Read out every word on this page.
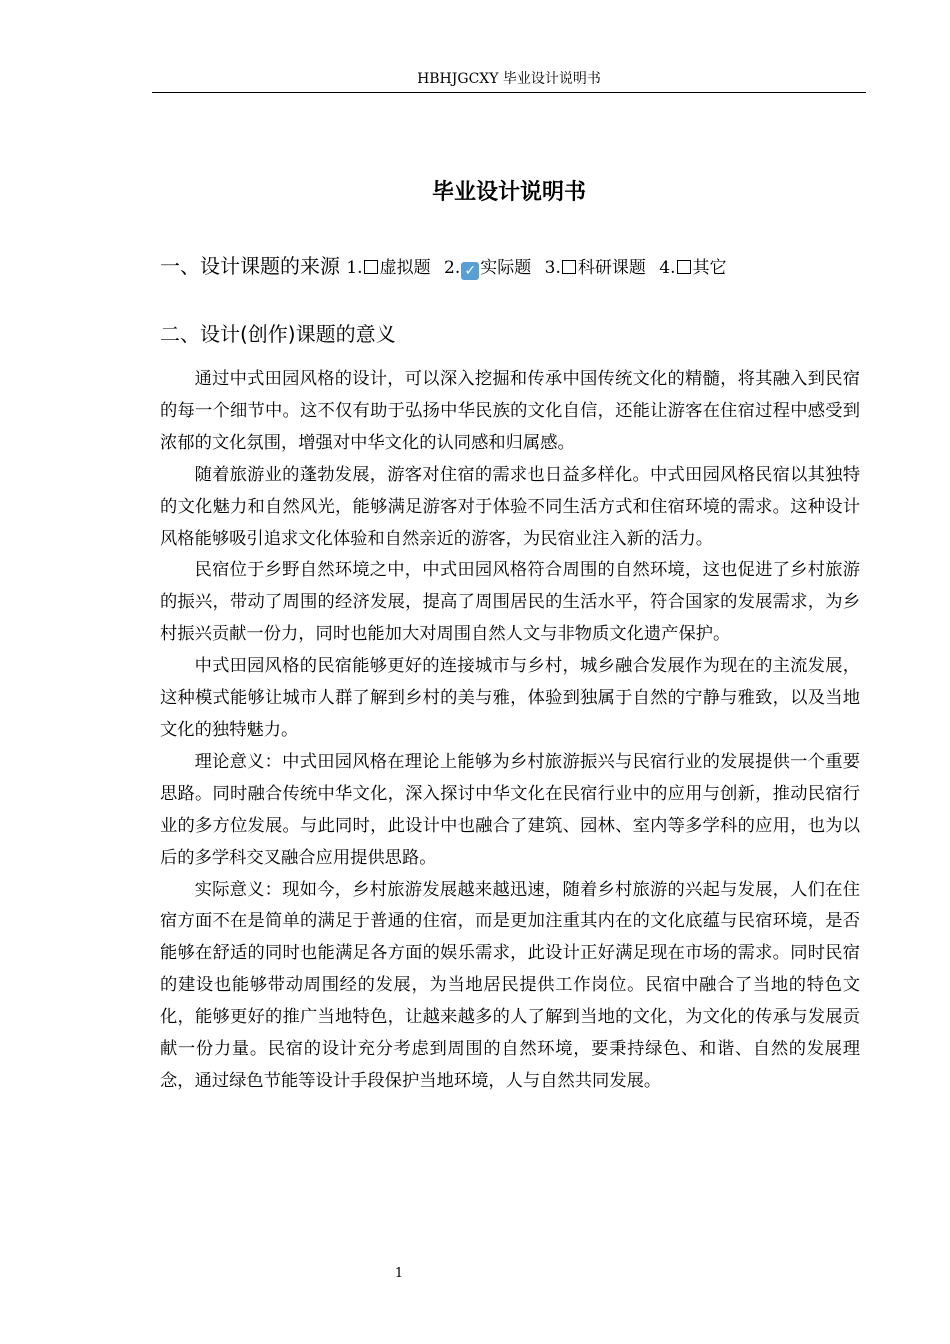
HBHJGCXY 毕业设计说明书
毕业设计说明书
一、设计课题的来源 1. 虚拟题 2. ✓ 实际题 3. 科研课题 4. 其它
二、设计(创作)课题的意义

通过中式田园风格的设计，可以深入挖掘和传承中国传统文化的精髓，将其融入到民宿的每一个细节中。这不仅有助于弘扬中华民族的文化自信，还能让游客在住宿过程中感受到浓郁的文化氛围，增强对中华文化的认同感和归属感。

随着旅游业的蓬勃发展，游客对住宿的需求也日益多样化。中式田园风格民宿以其独特的文化魅力和自然风光，能够满足游客对于体验不同生活方式和住宿环境的需求。这种设计风格能够吸引追求文化体验和自然亲近的游客，为民宿业注入新的活力。

民宿位于乡野自然环境之中，中式田园风格符合周围的自然环境，这也促进了乡村旅游的振兴，带动了周围的经济发展，提高了周围居民的生活水平，符合国家的发展需求，为乡村振兴贡献一份力，同时也能加大对周围自然人文与非物质文化遗产保护。

中式田园风格的民宿能够更好的连接城市与乡村，城乡融合发展作为现在的主流发展，这种模式能够让城市人群了解到乡村的美与雅，体验到独属于自然的宁静与雅致，以及当地文化的独特魅力。

理论意义：中式田园风格在理论上能够为乡村旅游振兴与民宿行业的发展提供一个重要思路。同时融合传统中华文化，深入探讨中华文化在民宿行业中的应用与创新，推动民宿行业的多方位发展。与此同时，此设计中也融合了建筑、园林、室内等多学科的应用，也为以后的多学科交叉融合应用提供思路。

实际意义：现如今，乡村旅游发展越来越迅速，随着乡村旅游的兴起与发展，人们在住宿方面不在是简单的满足于普通的住宿，而是更加注重其内在的文化底蕴与民宿环境，是否能够在舒适的同时也能满足各方面的娱乐需求，此设计正好满足现在市场的需求。同时民宿的建设也能够带动周围经的发展，为当地居民提供工作岗位。民宿中融合了当地的特色文化，能够更好的推广当地特色，让越来越多的人了解到当地的文化，为文化的传承与发展贡献一份力量。民宿的设计充分考虑到周围的自然环境，要秉持绿色、和谐、自然的发展理念，通过绿色节能等设计手段保护当地环境，人与自然共同发展。

1
